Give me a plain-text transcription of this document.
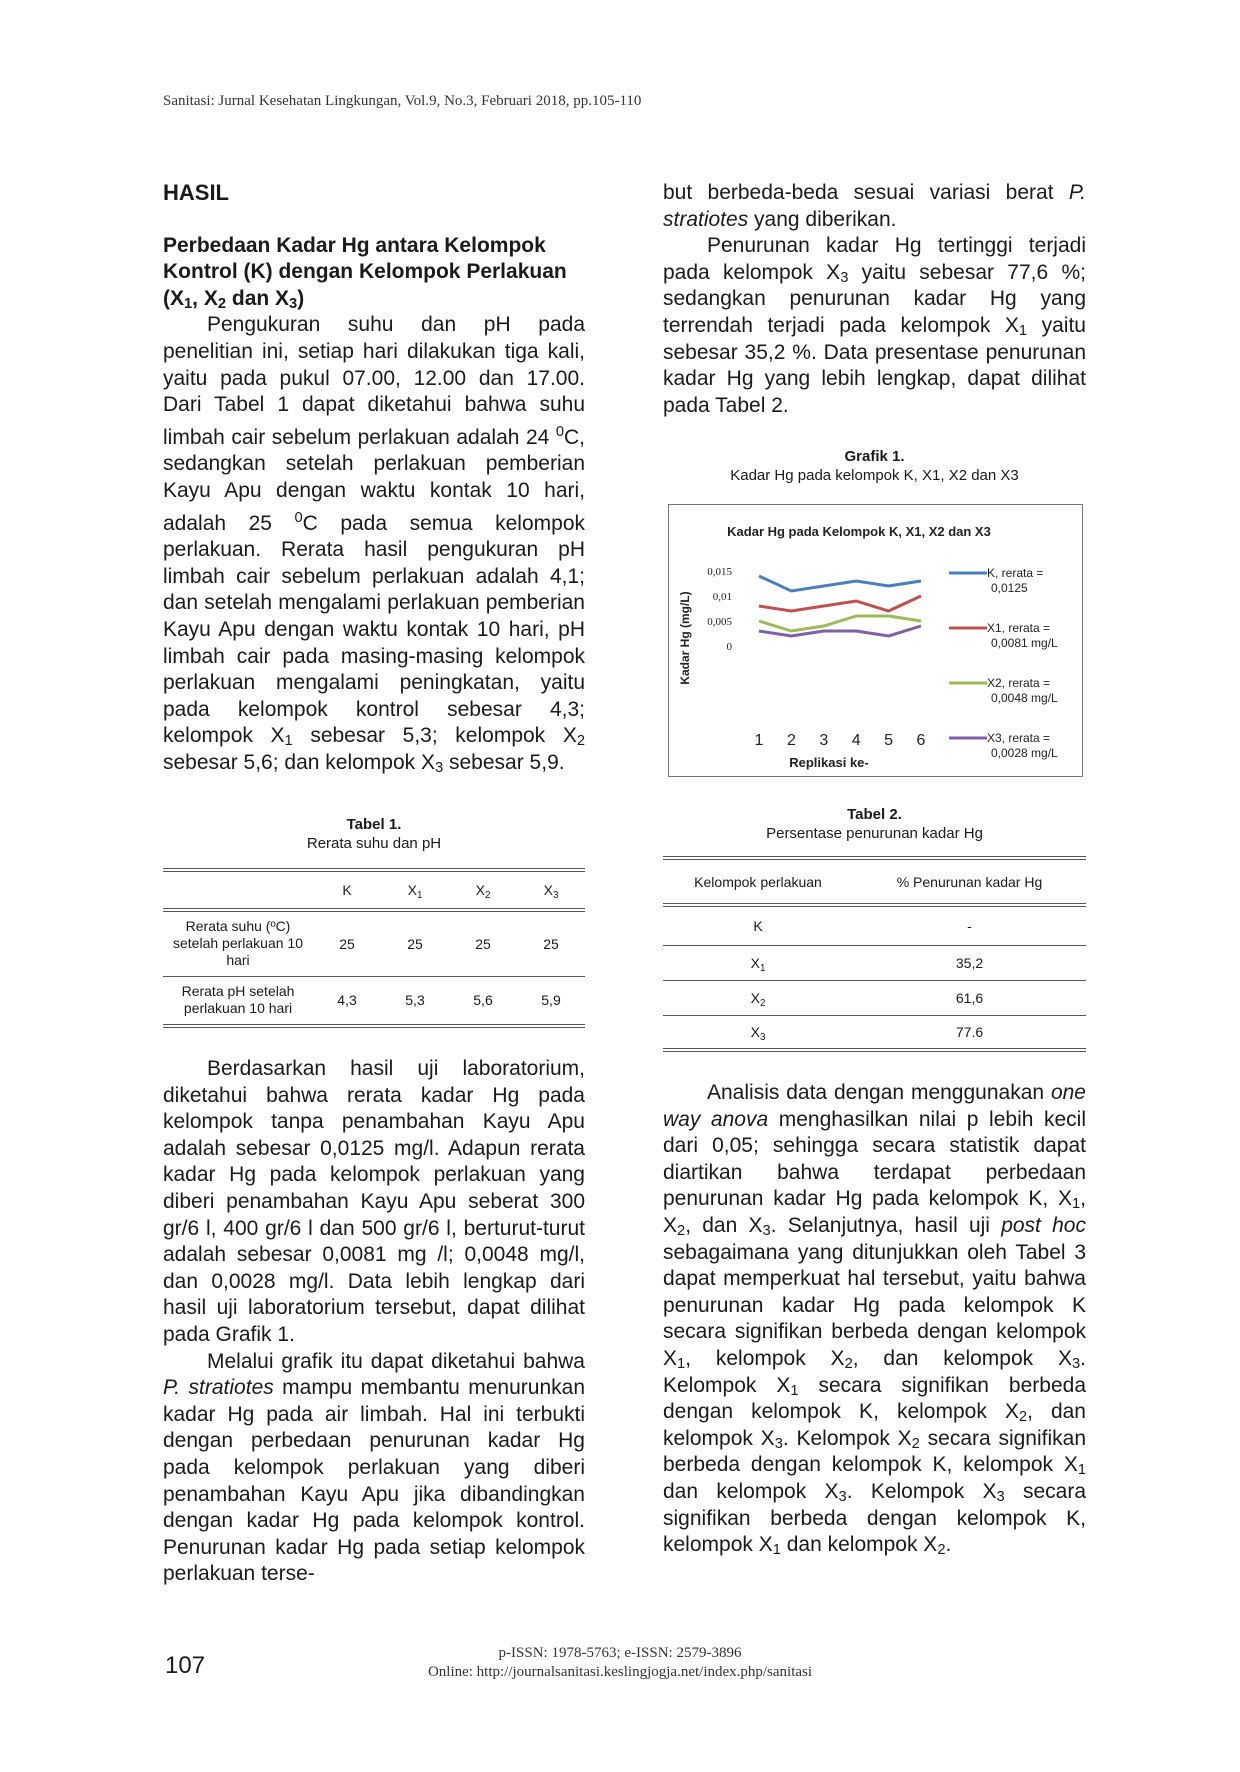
Sanitasi: Jurnal Kesehatan Lingkungan, Vol.9, No.3, Februari 2018, pp.105-110

HASIL

Perbedaan Kadar Hg antara Kelompok Kontrol (K) dengan Kelompok Perlakuan ($X_1$, $X_2$ dan $X_3$)

Pengukuran suhu dan pH pada penelitian ini, setiap hari dilakukan tiga kali, yaitu pada pukul 07.00, 12.00 dan 17.00. Dari Tabel 1 dapat diketahui bahwa suhu limbah cair sebelum perlakuan adalah 24 $^0$C, sedangkan setelah perlakuan pemberian Kayu Apu dengan waktu kontak 10 hari, adalah 25 $^0$C pada semua kelompok perlakuan. Rerata hasil pengukuran pH limbah cair sebelum perlakuan adalah 4,1; dan setelah mengalami perlakuan pemberian Kayu Apu dengan waktu kontak 10 hari, pH limbah cair pada masing-masing kelompok perlakuan mengalami peningkatan, yaitu pada kelompok kontrol sebesar 4,3; kelompok $X_1$ sebesar 5,3; kelompok $X_2$ sebesar 5,6; dan kelompok $X_3$ sebesar 5,9.

Tabel 1.
Rerata suhu dan pH
	K	$X_1$	$X_2$	$X_3$
Rerata suhu (ºC) setelah perlakuan 10 hari	25	25	25	25
Rerata pH setelah perlakuan 10 hari	4,3	5,3	5,6	5,9

Berdasarkan hasil uji laboratorium, diketahui bahwa rerata kadar Hg pada kelompok tanpa penambahan Kayu Apu adalah sebesar 0,0125 mg/l. Adapun rerata kadar Hg pada kelompok perlakuan yang diberi penambahan Kayu Apu seberat 300 gr/6 l, 400 gr/6 l dan 500 gr/6 l, berturut-turut adalah sebesar 0,0081 mg /l; 0,0048 mg/l, dan 0,0028 mg/l. Data lebih lengkap dari hasil uji laboratorium tersebut, dapat dilihat pada Grafik 1.

Melalui grafik itu dapat diketahui bahwa P. stratiotes mampu membantu menurunkan kadar Hg pada air limbah. Hal ini terbukti dengan perbedaan penurunan kadar Hg pada kelompok perlakuan yang diberi penambahan Kayu Apu jika dibandingkan dengan kadar Hg pada kelompok kontrol. Penurunan kadar Hg pada setiap kelompok perlakuan terse-

but berbeda-beda sesuai variasi berat P. stratiotes yang diberikan.

Penurunan kadar Hg tertinggi terjadi pada kelompok $X_3$ yaitu sebesar 77,6 %; sedangkan penurunan kadar Hg yang terrendah terjadi pada kelompok $X_1$ yaitu sebesar 35,2 %. Data presentase penurunan kadar Hg yang lebih lengkap, dapat dilihat pada Tabel 2.

Grafik 1.
Kadar Hg pada kelompok K, X1, X2 dan X3
Kadar Hg pada Kelompok K, X1, X2 dan X3
Kadar Hg (mg/L)
Replikasi ke-
0
0,005
0,01
0,015
1 2 3 4 5 6
K, rerata =
0,0125
X1, rerata =
0,0081 mg/L
X2, rerata =
0,0048 mg/L
X3, rerata =
0,0028 mg/L
Tabel 2.
Persentase penurunan kadar Hg
Kelompok perlakuan	% Penurunan kadar Hg
K	-
$X_1$	35,2
$X_2$	61,6
$X_3$	77.6

Analisis data dengan menggunakan one way anova menghasilkan nilai p lebih kecil dari 0,05; sehingga secara statistik dapat diartikan bahwa terdapat perbedaan penurunan kadar Hg pada kelompok K, $X_1$, $X_2$, dan $X_3$. Selanjutnya, hasil uji post hoc sebagaimana yang ditunjukkan oleh Tabel 3 dapat memperkuat hal tersebut, yaitu bahwa penurunan kadar Hg pada kelompok K secara signifikan berbeda dengan kelompok $X_1$, kelompok $X_2$, dan kelompok $X_3$. Kelompok $X_1$ secara signifikan berbeda dengan kelompok K, kelompok $X_2$, dan kelompok $X_3$. Kelompok $X_2$ secara signifikan berbeda dengan kelompok K, kelompok $X_1$ dan kelompok $X_3$. Kelompok $X_3$ secara signifikan berbeda dengan kelompok K, kelompok $X_1$ dan kelompok $X_2$.

107	p-ISSN: 1978-5763; e-ISSN: 2579-3896
Online: http://journalsanitasi.keslingjogja.net/index.php/sanitasi
